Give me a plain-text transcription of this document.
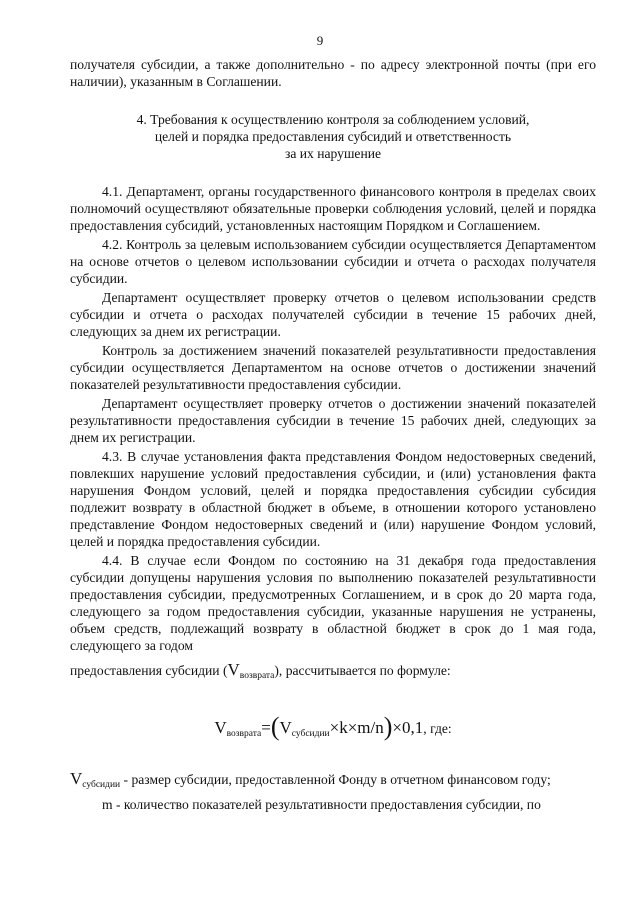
9

получателя субсидии, а также дополнительно - по адресу электронной почты (при его наличии), указанным в Соглашении.

4. Требования к осуществлению контроля за соблюдением условий,
целей и порядка предоставления субсидий и ответственность
за их нарушение

4.1. Департамент, органы государственного финансового контроля в пределах своих полномочий осуществляют обязательные проверки соблюдения условий, целей и порядка предоставления субсидий, установленных настоящим Порядком и Соглашением.

4.2. Контроль за целевым использованием субсидии осуществляется Департаментом на основе отчетов о целевом использовании субсидии и отчета о расходах получателя субсидии.

Департамент осуществляет проверку отчетов о целевом использовании средств субсидии и отчета о расходах получателей субсидии в течение 15 рабочих дней, следующих за днем их регистрации.

Контроль за достижением значений показателей результативности предоставления субсидии осуществляется Департаментом на основе отчетов о достижении значений показателей результативности предоставления субсидии.

Департамент осуществляет проверку отчетов о достижении значений показателей результативности предоставления субсидии в течение 15 рабочих дней, следующих за днем их регистрации.

4.3. В случае установления факта представления Фондом недостоверных сведений, повлекших нарушение условий предоставления субсидии, и (или) установления факта нарушения Фондом условий, целей и порядка предоставления субсидии субсидия подлежит возврату в областной бюджет в объеме, в отношении которого установлено представление Фондом недостоверных сведений и (или) нарушение Фондом условий, целей и порядка предоставления субсидии.

4.4. В случае если Фондом по состоянию на 31 декабря года предоставления субсидии допущены нарушения условия по выполнению показателей результативности предоставления субсидии, предусмотренных Соглашением, и в срок до 20 марта года, следующего за годом предоставления субсидии, указанные нарушения не устранены, объем средств, подлежащий возврату в областной бюджет в срок до 1 мая года, следующего за годом

предоставления субсидии $(V_{возврата})$, рассчитывается по формуле:

$V_{возврата}=(V_{субсидии}\times k\times m/n)\times 0,1$, где:

$V_{субсидии}$ - размер субсидии, предоставленной Фонду в отчетном финансовом году;

m - количество показателей результативности предоставления субсидии, по
